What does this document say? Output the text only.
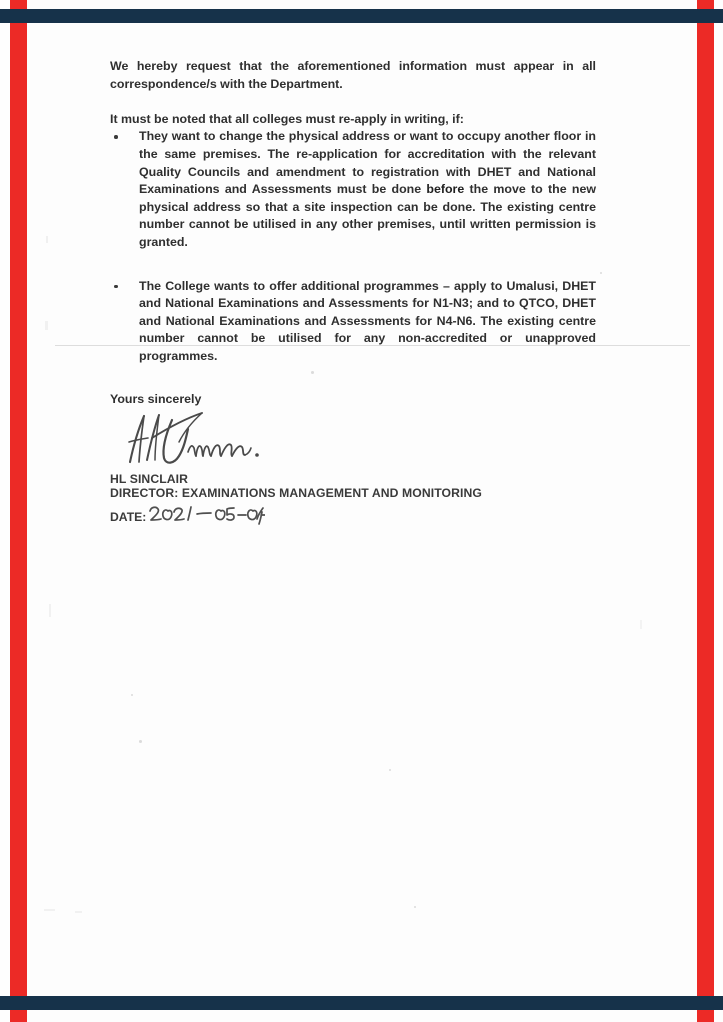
We hereby request that the aforementioned information must appear in all correspondence/s with the Department.

It must be noted that all colleges must re-apply in writing, if:

They want to change the physical address or want to occupy another floor in the same premises. The re-application for accreditation with the relevant Quality Councils and amendment to registration with DHET and National Examinations and Assessments must be done before the move to the new physical address so that a site inspection can be done. The existing centre number cannot be utilised in any other premises, until written permission is granted.
The College wants to offer additional programmes – apply to Umalusi, DHET and National Examinations and Assessments for N1-N3; and to QTCO, DHET and National Examinations and Assessments for N4-N6. The existing centre number cannot be utilised for any non-accredited or unapproved programmes.

Yours sincerely

HL SINCLAIR

DIRECTOR: EXAMINATIONS MANAGEMENT AND MONITORING

DATE:
